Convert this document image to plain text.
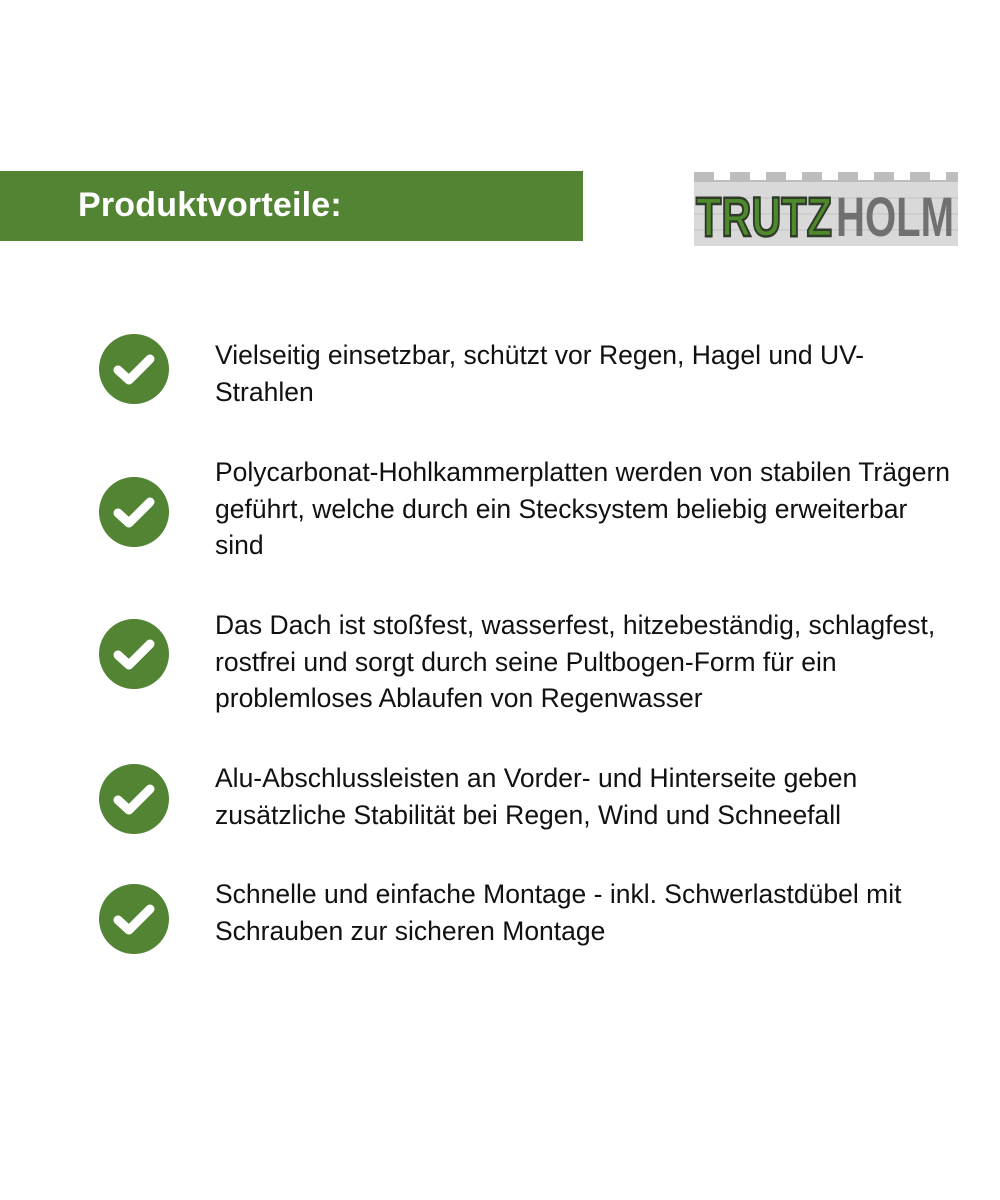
Produktvorteile:	TRUTZ HOLM

Vielseitig einsetzbar, schützt vor Regen, Hagel und UV-Strahlen

Polycarbonat-Hohlkammerplatten werden von stabilen Trägern geführt, welche durch ein Stecksystem beliebig erweiterbar sind

Das Dach ist stoßfest, wasserfest, hitzebeständig, schlagfest, rostfrei und sorgt durch seine Pultbogen-Form für ein problemloses Ablaufen von Regenwasser

Alu-Abschlussleisten an Vorder- und Hinterseite geben zusätzliche Stabilität bei Regen, Wind und Schneefall

Schnelle und einfache Montage - inkl. Schwerlastdübel mit Schrauben zur sicheren Montage
